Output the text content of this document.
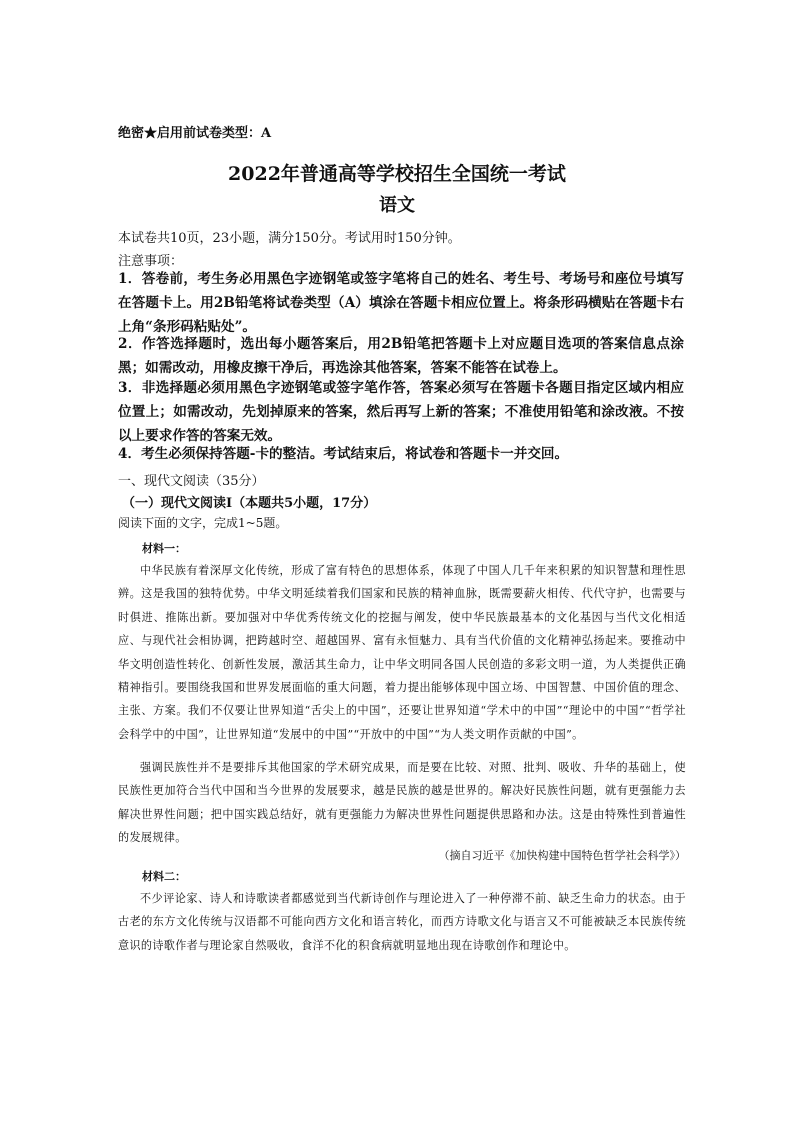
绝密★启用前试卷类型：A
2022年普通高等学校招生全国统一考试
语文
本试卷共10页，23小题，满分150分。考试用时150分钟。
注意事项：
1．答卷前，考生务必用黑色字迹钢笔或签字笔将自己的姓名、考生号、考场号和座位号填写在答题卡上。用2B铅笔将试卷类型（A）填涂在答题卡相应位置上。将条形码横贴在答题卡右上角“条形码粘贴处”。
2．作答选择题时，选出每小题答案后，用2B铅笔把答题卡上对应题目选项的答案信息点涂黑；如需改动，用橡皮擦干净后，再选涂其他答案，答案不能答在试卷上。
3．非选择题必须用黑色字迹钢笔或签字笔作答，答案必须写在答题卡各题目指定区域内相应位置上；如需改动，先划掉原来的答案，然后再写上新的答案；不准使用铅笔和涂改液。不按以上要求作答的答案无效。
4．考生必须保持答题-卡的整洁。考试结束后，将试卷和答题卡一并交回。
一、现代文阅读（35分）
（一）现代文阅读Ⅰ（本题共5小题，17分）
阅读下面的文字，完成1~5题。
材料一：
中华民族有着深厚文化传统，形成了富有特色的思想体系，体现了中国人几千年来积累的知识智慧和理性思辨。这是我国的独特优势。中华文明延续着我们国家和民族的精神血脉，既需要薪火相传、代代守护，也需要与时俱进、推陈出新。要加强对中华优秀传统文化的挖掘与阐发，使中华民族最基本的文化基因与当代文化相适应、与现代社会相协调，把跨越时空、超越国界、富有永恒魅力、具有当代价值的文化精神弘扬起来。要推动中华文明创造性转化、创新性发展，激活其生命力，让中华文明同各国人民创造的多彩文明一道，为人类提供正确精神指引。要围绕我国和世界发展面临的重大问题，着力提出能够体现中国立场、中国智慧、中国价值的理念、主张、方案。我们不仅要让世界知道“舌尖上的中国”，还要让世界知道“学术中的中国”“理论中的中国”“哲学社会科学中的中国”，让世界知道“发展中的中国”“开放中的中国”“为人类文明作贡献的中国”。
强调民族性并不是要排斥其他国家的学术研究成果，而是要在比较、对照、批判、吸收、升华的基础上，使民族性更加符合当代中国和当今世界的发展要求，越是民族的越是世界的。解决好民族性问题，就有更强能力去解决世界性问题；把中国实践总结好，就有更强能力为解决世界性问题提供思路和办法。这是由特殊性到普遍性的发展规律。
（摘自习近平《加快构建中国特色哲学社会科学》）
材料二：
不少评论家、诗人和诗歌读者都感觉到当代新诗创作与理论进入了一种停滞不前、缺乏生命力的状态。由于古老的东方文化传统与汉语都不可能向西方文化和语言转化，而西方诗歌文化与语言又不可能被缺乏本民族传统意识的诗歌作者与理论家自然吸收，食洋不化的积食病就明显地出现在诗歌创作和理论中。
